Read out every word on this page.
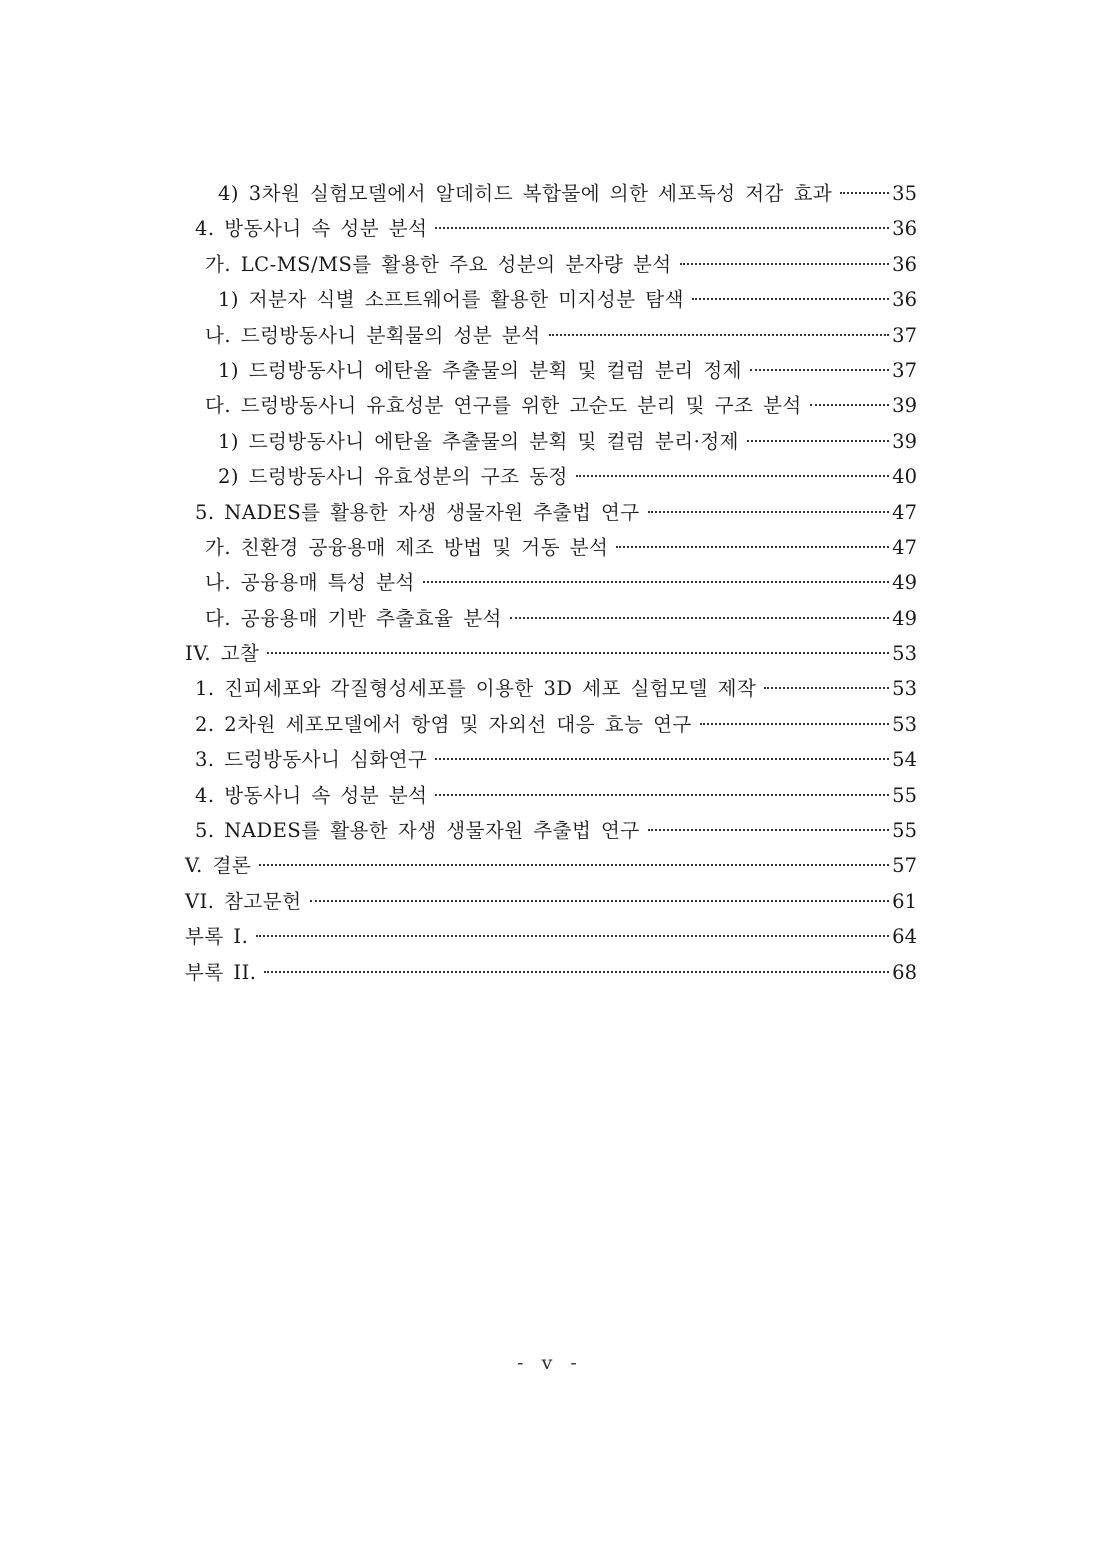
4) 3차원 실험모델에서 알데히드 복합물에 의한 세포독성 저감 효과	35
4. 방동사니 속 성분 분석	36
가. LC-MS/MS를 활용한 주요 성분의 분자량 분석	36
1) 저분자 식별 소프트웨어를 활용한 미지성분 탐색	36
나. 드렁방동사니 분획물의 성분 분석	37
1) 드렁방동사니 에탄올 추출물의 분획 및 컬럼 분리 정제	37
다. 드렁방동사니 유효성분 연구를 위한 고순도 분리 및 구조 분석	39
1) 드렁방동사니 에탄올 추출물의 분획 및 컬럼 분리·정제	39
2) 드렁방동사니 유효성분의 구조 동정	40
5. NADES를 활용한 자생 생물자원 추출법 연구	47
가. 친환경 공융용매 제조 방법 및 거동 분석	47
나. 공융용매 특성 분석	49
다. 공융용매 기반 추출효율 분석	49
IV. 고찰	53
1. 진피세포와 각질형성세포를 이용한 3D 세포 실험모델 제작	53
2. 2차원 세포모델에서 항염 및 자외선 대응 효능 연구	53
3. 드렁방동사니 심화연구	54
4. 방동사니 속 성분 분석	55
5. NADES를 활용한 자생 생물자원 추출법 연구	55
V. 결론	57
VI. 참고문헌	61
부록 I.	64
부록 II.	68
- v -
